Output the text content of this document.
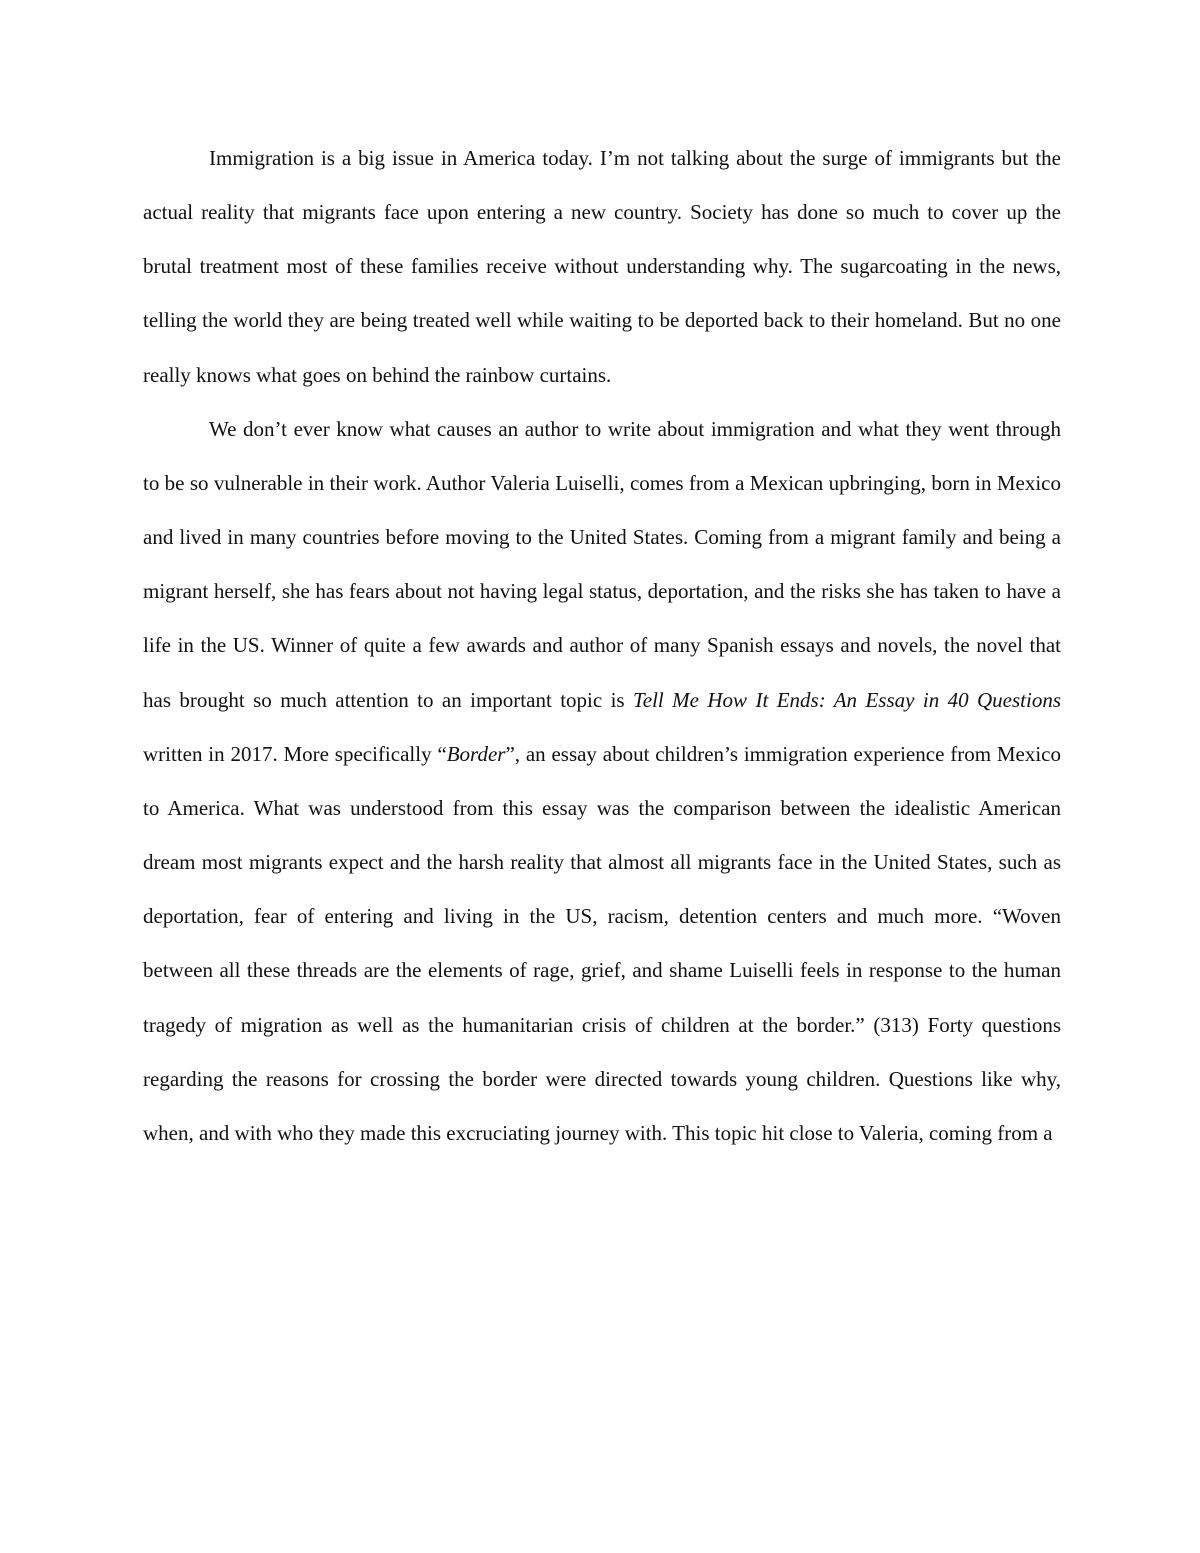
Immigration is a big issue in America today. I’m not talking about the surge of immigrants but the actual reality that migrants face upon entering a new country. Society has done so much to cover up the brutal treatment most of these families receive without understanding why. The sugarcoating in the news, telling the world they are being treated well while waiting to be deported back to their homeland. But no one really knows what goes on behind the rainbow curtains.

We don’t ever know what causes an author to write about immigration and what they went through to be so vulnerable in their work. Author Valeria Luiselli, comes from a Mexican upbringing, born in Mexico and lived in many countries before moving to the United States. Coming from a migrant family and being a migrant herself, she has fears about not having legal status, deportation, and the risks she has taken to have a life in the US. Winner of quite a few awards and author of many Spanish essays and novels, the novel that has brought so much attention to an important topic is Tell Me How It Ends: An Essay in 40 Questions written in 2017. More specifically “Border”, an essay about children’s immigration experience from Mexico to America. What was understood from this essay was the comparison between the idealistic American dream most migrants expect and the harsh reality that almost all migrants face in the United States, such as deportation, fear of entering and living in the US, racism, detention centers and much more. “Woven between all these threads are the elements of rage, grief, and shame Luiselli feels in response to the human tragedy of migration as well as the humanitarian crisis of children at the border.” (313) Forty questions regarding the reasons for crossing the border were directed towards young children. Questions like why, when, and with who they made this excruciating journey with. This topic hit close to Valeria, coming from a
